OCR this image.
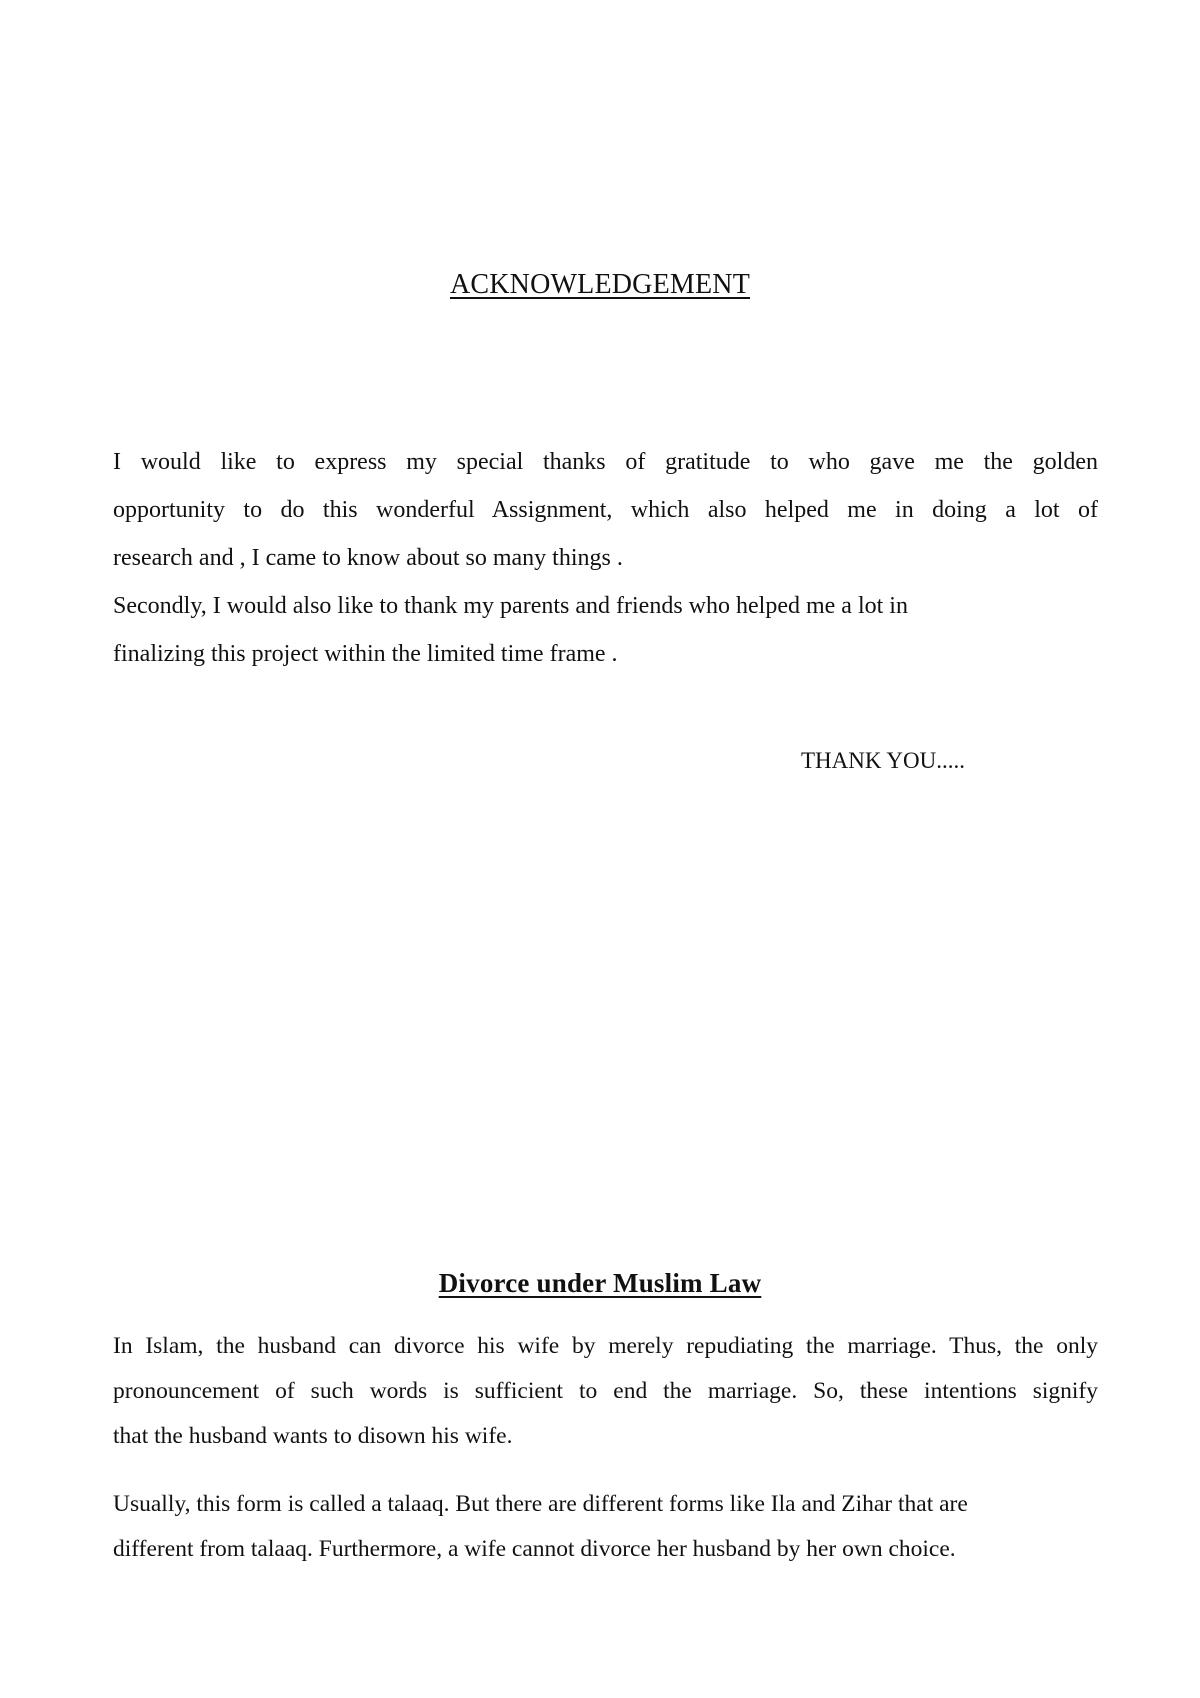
ACKNOWLEDGEMENT
I would like to express my special thanks of gratitude to who gave me the golden
opportunity to do this wonderful Assignment, which also helped me in doing a lot of
research and , I came to know about so many things .
Secondly, I would also like to thank my parents and friends who helped me a lot in
finalizing this project within the limited time frame .
THANK YOU.....
Divorce under Muslim Law
In Islam, the husband can divorce his wife by merely repudiating the marriage. Thus, the only
pronouncement of such words is sufficient to end the marriage. So, these intentions signify
that the husband wants to disown his wife.
Usually, this form is called a talaaq. But there are different forms like Ila and Zihar that are
different from talaaq. Furthermore, a wife cannot divorce her husband by her own choice.
